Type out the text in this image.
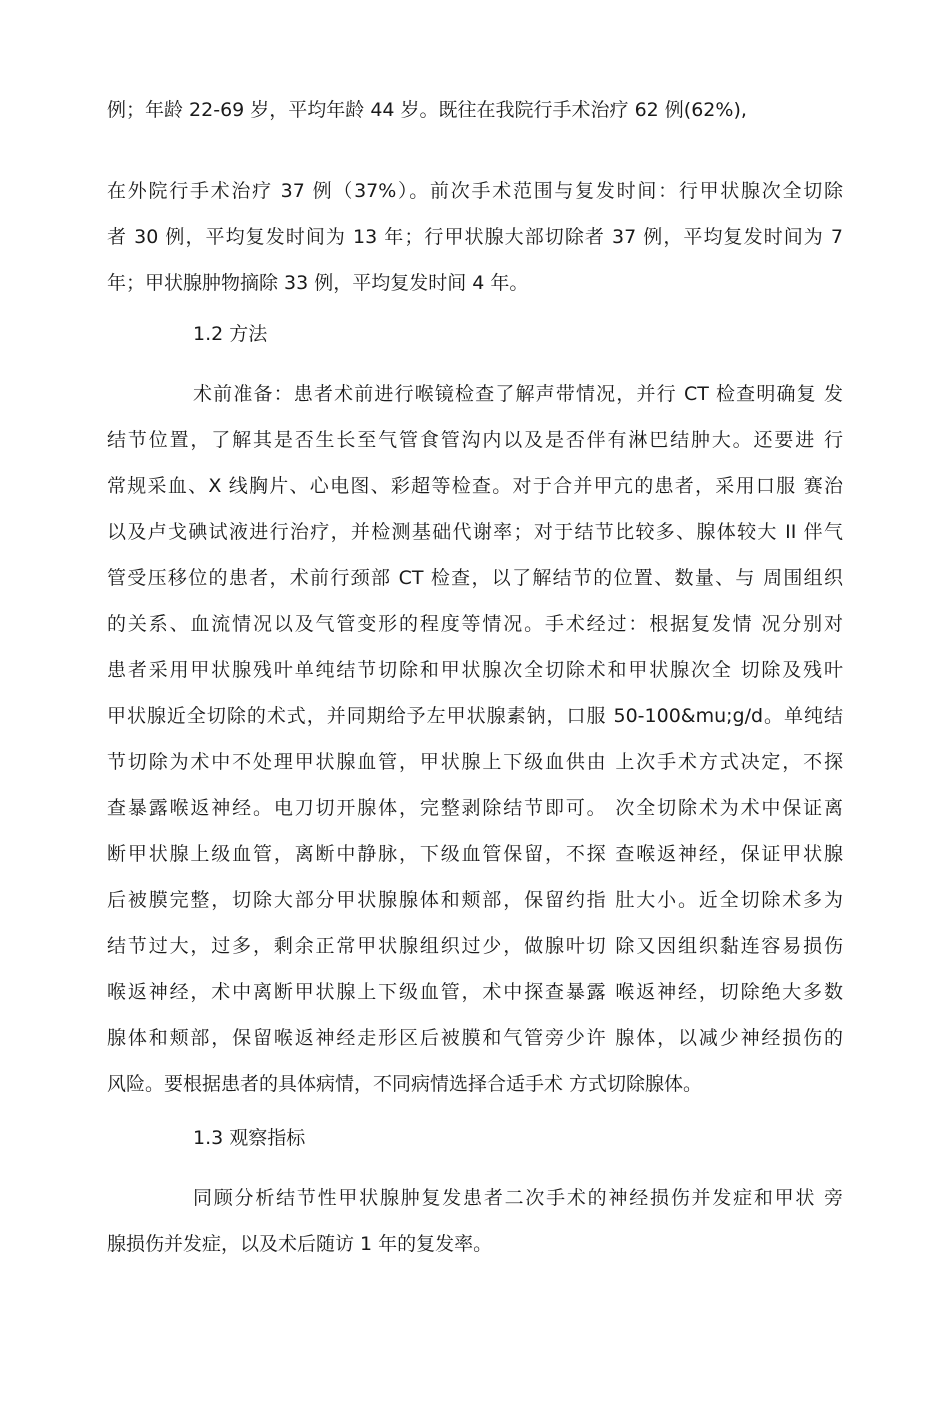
例；年龄 22-69 岁，平均年龄 44 岁。既往在我院行手术治疗 62 例(62%),
在外院行手术治疗 37 例（37%）。前次手术范围与复发时间：行甲状腺次全切除
者 30 例，平均复发时间为 13 年；行甲状腺大部切除者 37 例，平均复发时间为 7
年；甲状腺肿物摘除 33 例，平均复发时间 4 年。
1.2 方法
术前准备：患者术前进行喉镜检查了解声带情况，并行 CT 检查明确复 发
结节位置，了解其是否生长至气管食管沟内以及是否伴有淋巴结肿大。还要进 行
常规采血、X 线胸片、心电图、彩超等检查。对于合并甲亢的患者，采用口服 赛治
以及卢戈碘试液进行治疗，并检测基础代谢率；对于结节比较多、腺体较大 II 伴气
管受压移位的患者，术前行颈部 CT 检查，以了解结节的位置、数量、与 周围组织
的关系、血流情况以及气管变形的程度等情况。手术经过：根据复发情 况分别对
患者采用甲状腺残叶单纯结节切除和甲状腺次全切除术和甲状腺次全 切除及残叶
甲状腺近全切除的术式，并同期给予左甲状腺素钠，口服 50-100&mu;g/d。单纯结
节切除为术中不处理甲状腺血管，甲状腺上下级血供由 上次手术方式决定，不探
查暴露喉返神经。电刀切开腺体，完整剥除结节即可。 次全切除术为术中保证离
断甲状腺上级血管，离断中静脉，下级血管保留，不探 查喉返神经，保证甲状腺
后被膜完整，切除大部分甲状腺腺体和颊部，保留约指 肚大小。近全切除术多为
结节过大，过多，剩余正常甲状腺组织过少，做腺叶切 除又因组织黏连容易损伤
喉返神经，术中离断甲状腺上下级血管，术中探查暴露 喉返神经，切除绝大多数
腺体和颊部，保留喉返神经走形区后被膜和气管旁少许 腺体，以减少神经损伤的
风险。要根据患者的具体病情，不同病情选择合适手术 方式切除腺体。
1.3 观察指标
同顾分析结节性甲状腺肿复发患者二次手术的神经损伤并发症和甲状 旁
腺损伤并发症，以及术后随访 1 年的复发率。
